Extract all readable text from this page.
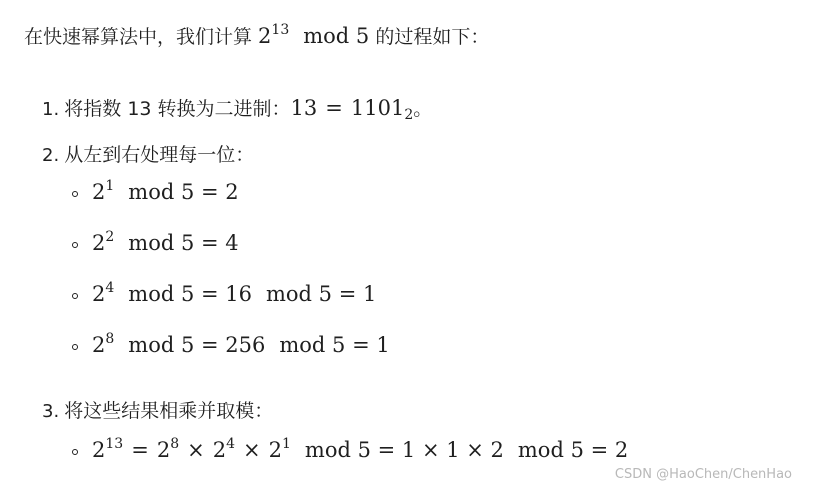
在快速幂算法中，我们计算 $2^{13}$ mod 5 的过程如下：
1. 将指数 13 转换为二进制：$13 = 1101_2$。
2. 从左到右处理每一位：
$2^1$ mod 5 = 2
$2^2$ mod 5 = 4
$2^4$ mod 5 = 16 mod 5 = 1
$2^8$ mod 5 = 256 mod 5 = 1
3. 将这些结果相乘并取模：
$2^{13} = 2^8 \times 2^4 \times 2^1$ mod 5 = 1 × 1 × 2 mod 5 = 2
CSDN @HaoChen/ChenHao
